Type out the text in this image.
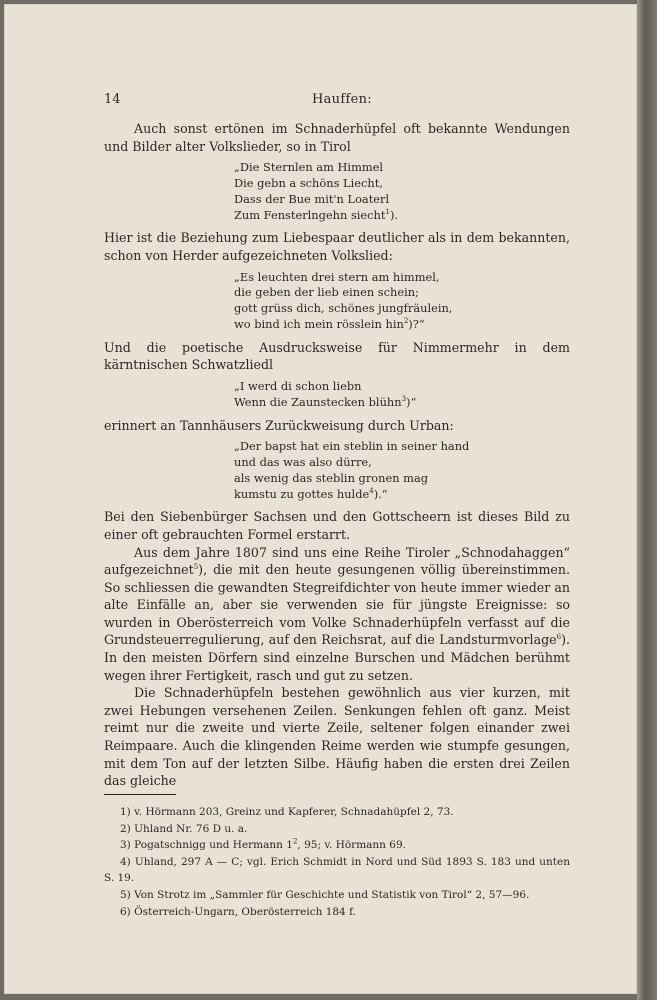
14	Hauffen:

Auch sonst ertönen im Schnaderhüpfel oft bekannte Wendungen und Bilder alter Volkslieder, so in Tirol

„Die Sternlen am Himmel
Die gebn a schöns Liecht,
Dass der Bue mit'n Loaterl
Zum Fensterlngehn siecht$^1$).

Hier ist die Beziehung zum Liebespaar deutlicher als in dem bekannten, schon von Herder aufgezeichneten Volkslied:

„Es leuchten drei stern am himmel,
die geben der lieb einen schein;
gott grüss dich, schönes jungfräulein,
wo bind ich mein rösslein hin$^2$)?“

Und die poetische Ausdrucksweise für Nimmermehr in dem kärntnischen Schwatzliedl

„I werd di schon liebn
Wenn die Zaunstecken blühn$^3$)“

erinnert an Tannhäusers Zurückweisung durch Urban:

„Der bapst hat ein steblin in seiner hand
und das was also dürre,
als wenig das steblin gronen mag
kumstu zu gottes hulde$^4$).“

Bei den Siebenbürger Sachsen und den Gottscheern ist dieses Bild zu einer oft gebrauchten Formel erstarrt.

Aus dem Jahre 1807 sind uns eine Reihe Tiroler „Schnodahaggen“ aufgezeichnet$^5$), die mit den heute gesungenen völlig übereinstimmen. So schliessen die gewandten Stegreifdichter von heute immer wieder an alte Einfälle an, aber sie verwenden sie für jüngste Ereignisse: so wurden in Oberösterreich vom Volke Schnaderhüpfeln verfasst auf die Grundsteuerregulierung, auf den Reichsrat, auf die Landsturmvorlage$^6$). In den meisten Dörfern sind einzelne Burschen und Mädchen berühmt wegen ihrer Fertigkeit, rasch und gut zu setzen.

Die Schnaderhüpfeln bestehen gewöhnlich aus vier kurzen, mit zwei Hebungen versehenen Zeilen. Senkungen fehlen oft ganz. Meist reimt nur die zweite und vierte Zeile, seltener folgen einander zwei Reimpaare. Auch die klingenden Reime werden wie stumpfe gesungen, mit dem Ton auf der letzten Silbe. Häufig haben die ersten drei Zeilen das gleiche

1) v. Hörmann 203, Greinz und Kapferer, Schnadahüpfel 2, 73.

2) Uhland Nr. 76 D u. a.

3) Pogatschnigg und Hermann $1^2$, 95; v. Hörmann 69.

4) Uhland, 297 A — C; vgl. Erich Schmidt in Nord und Süd 1893 S. 183 und unten S. 19.

5) Von Strotz im „Sammler für Geschichte und Statistik von Tirol“ 2, 57—96.

6) Österreich-Ungarn, Oberösterreich 184 f.
